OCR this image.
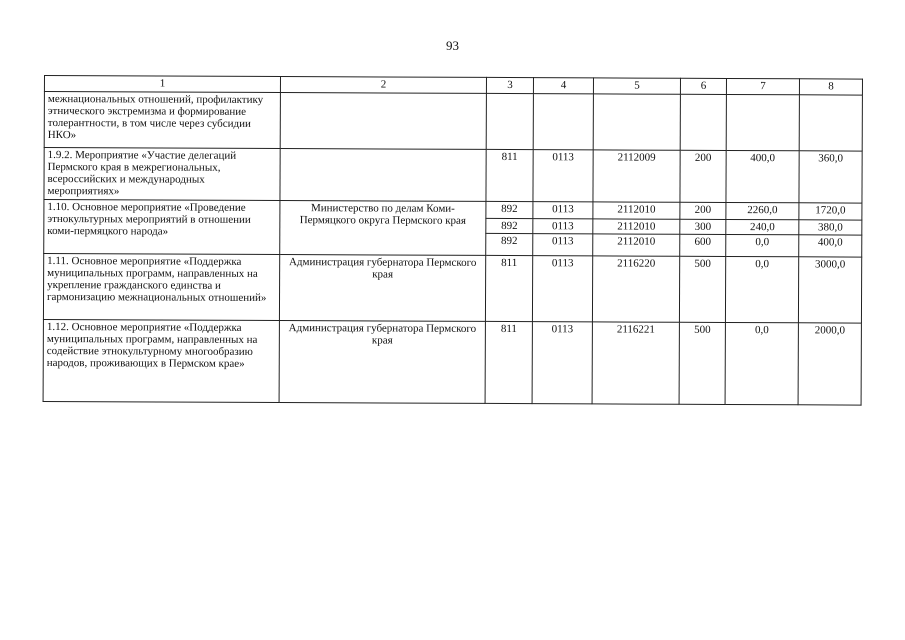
93
1	2	3	4	5	6	7	8
межнациональных отношений, профилактику этнического экстремизма и формирование толерантности, в том числе через субсидии НКО»							
1.9.2. Мероприятие «Участие делегаций Пермского края в межрегиональных, всероссийских и международных мероприятиях»		811	0113	2112009	200	400,0	360,0
1.10. Основное мероприятие «Проведение этнокультурных мероприятий в отношении коми-пермяцкого народа»	Министерство по делам Коми-Пермяцкого округа Пермского края	892	0113	2112010	200	2260,0	1720,0
		892	0113	2112010	300	240,0	380,0
		892	0113	2112010	600	0,0	400,0
1.11. Основное мероприятие «Поддержка муниципальных программ, направленных на укрепление гражданского единства и гармонизацию межнациональных отношений»	Администрация губернатора Пермского края	811	0113	2116220	500	0,0	3000,0
1.12. Основное мероприятие «Поддержка муниципальных программ, направленных на содействие этнокультурному многообразию народов, проживающих в Пермском крае»	Администрация губернатора Пермского края	811	0113	2116221	500	0,0	2000,0
